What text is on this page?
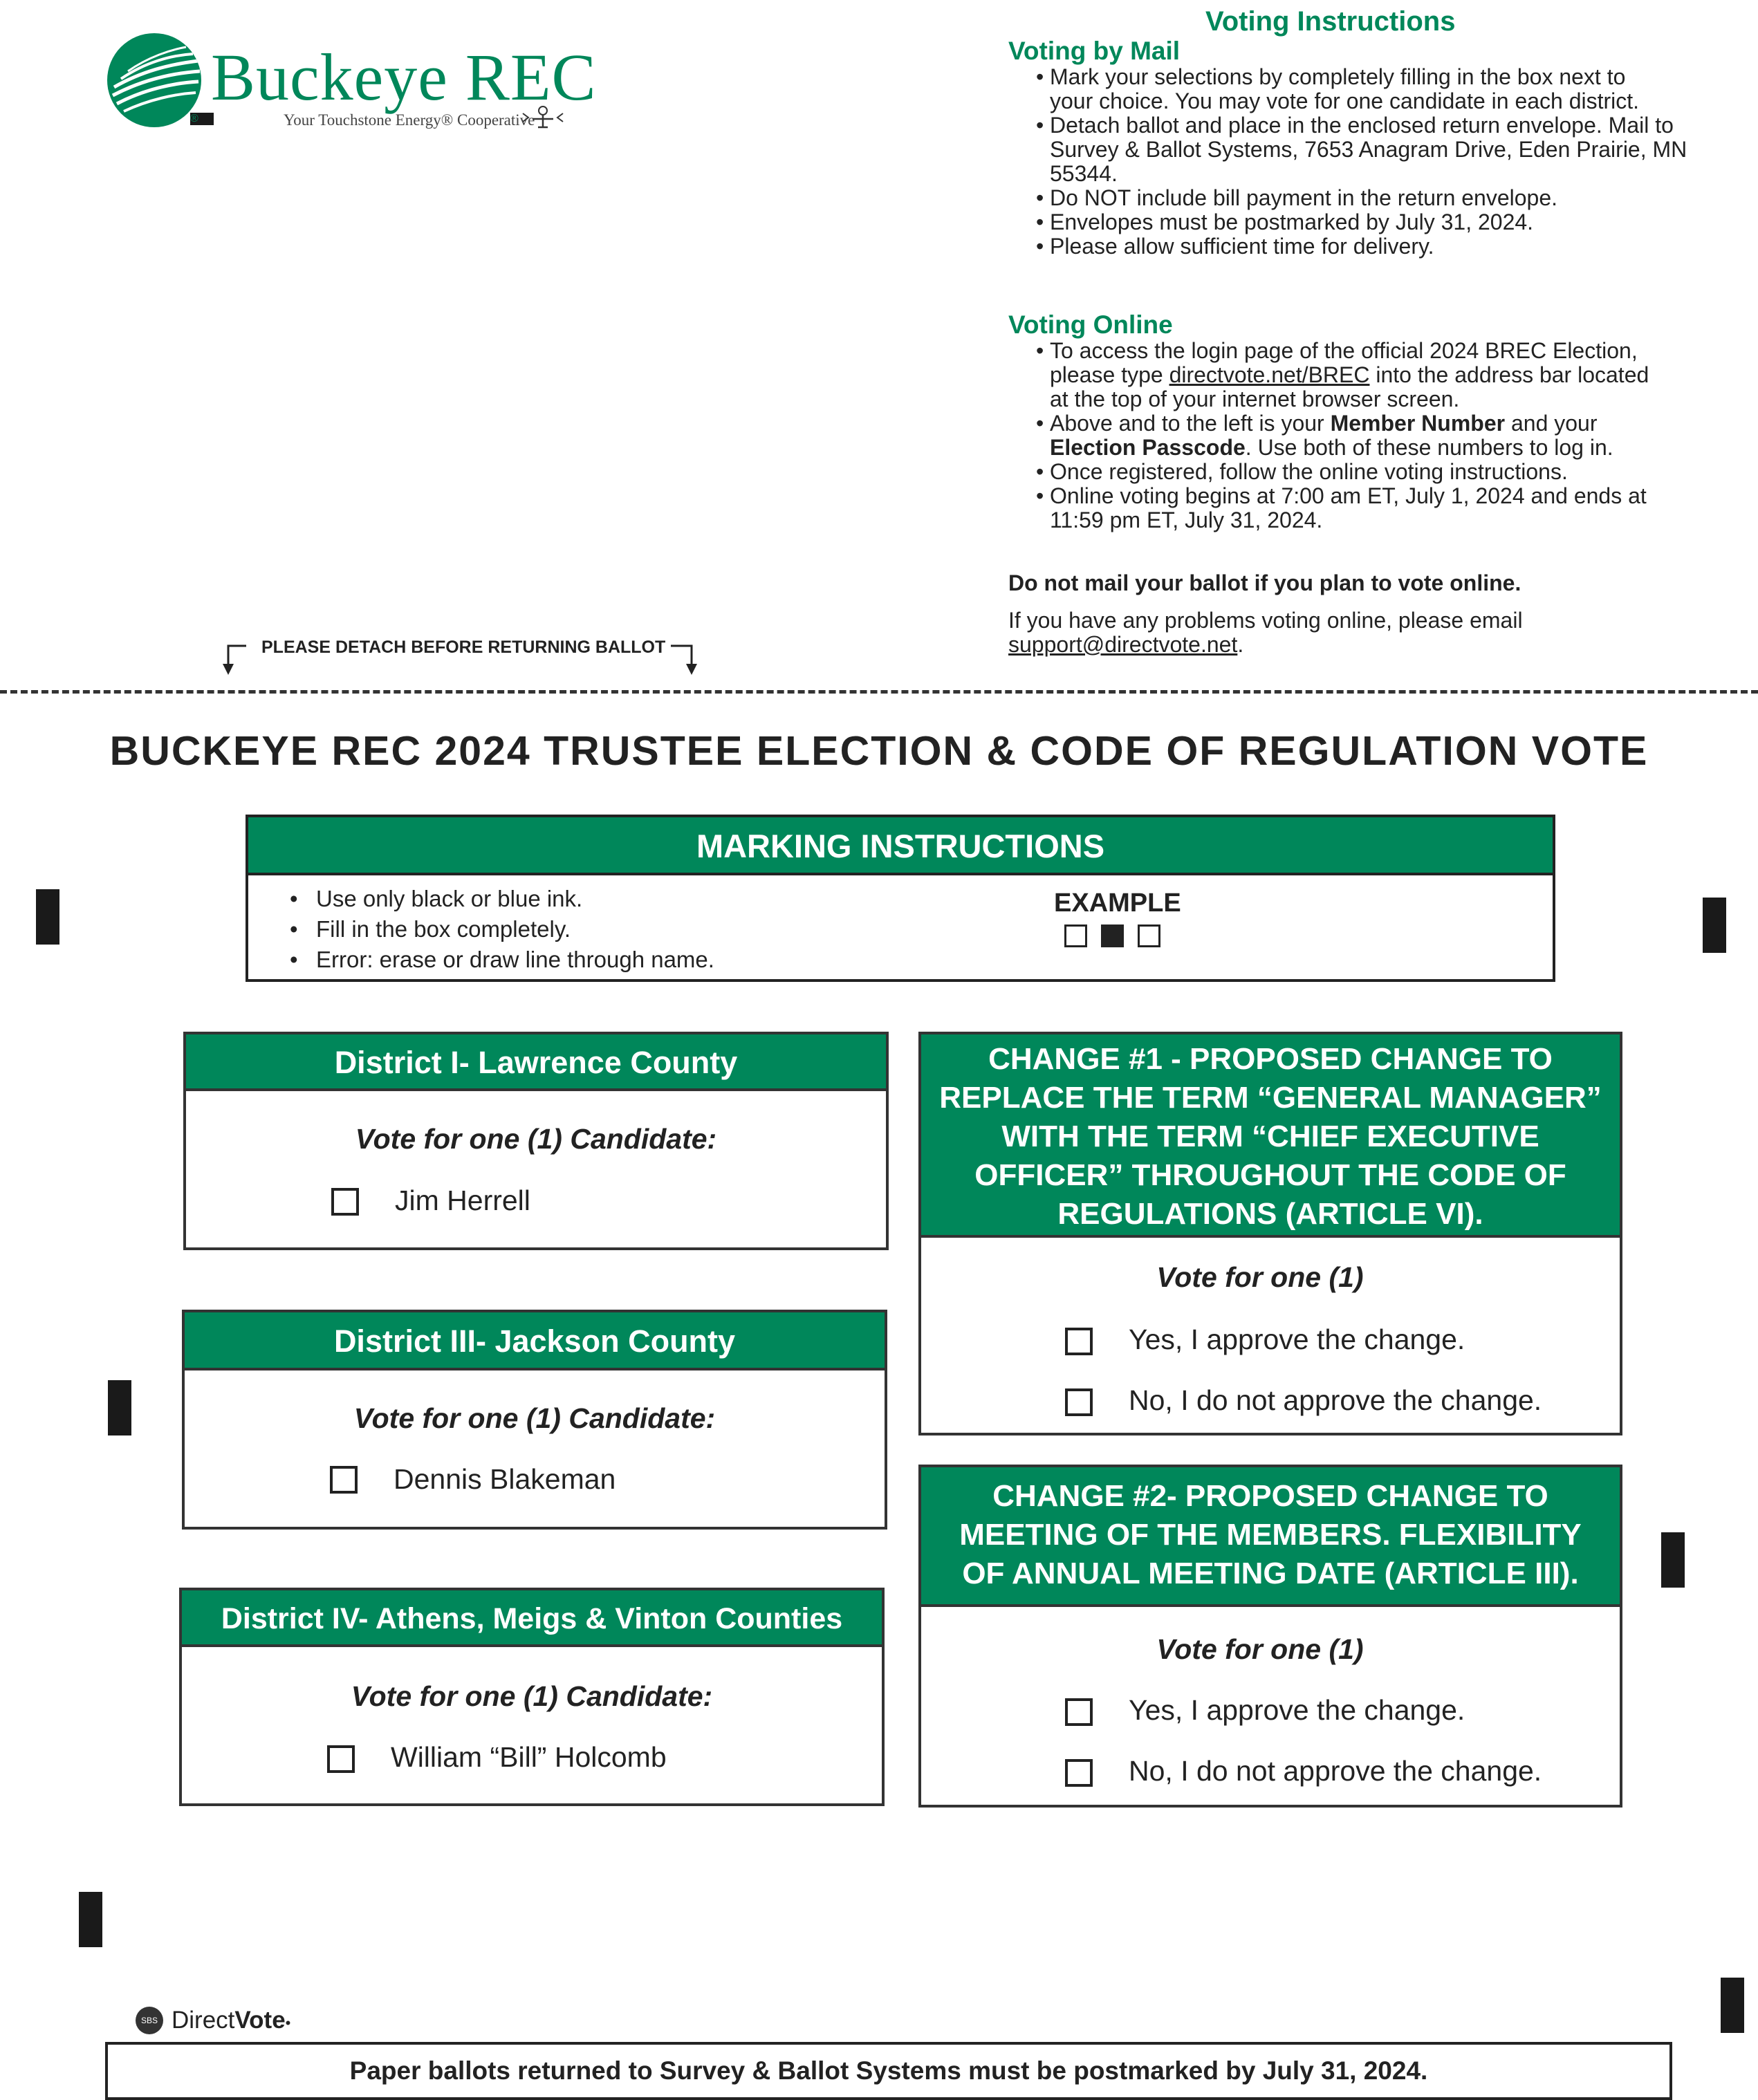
®
Buckeye REC
Your Touchstone Energy® Cooperative
Voting Instructions
Voting by Mail
• Mark your selections by completely filling in the box next to your choice. You may vote for one candidate in each district.
• Detach ballot and place in the enclosed return envelope. Mail to Survey & Ballot Systems, 7653 Anagram Drive, Eden Prairie, MN 55344.
• Do NOT include bill payment in the return envelope.
• Envelopes must be postmarked by July 31, 2024.
• Please allow sufficient time for delivery.
Voting Online
• To access the login page of the official 2024 BREC Election, please type directvote.net/BREC into the address bar located at the top of your internet browser screen.
• Above and to the left is your Member Number and your Election Passcode. Use both of these numbers to log in.
• Once registered, follow the online voting instructions.
• Online voting begins at 7:00 am ET, July 1, 2024 and ends at 11:59 pm ET, July 31, 2024.

Do not mail your ballot if you plan to vote online.

If you have any problems voting online, please email
support@directvote.net.

PLEASE DETACH BEFORE RETURNING BALLOT
BUCKEYE REC 2024 TRUSTEE ELECTION & CODE OF REGULATION VOTE
MARKING INSTRUCTIONS
• Use only black or blue ink.
• Fill in the box completely.
• Error: erase or draw line through name.
EXAMPLE
District I- Lawrence County
Vote for one (1) Candidate:
Jim Herrell
District III- Jackson County
Vote for one (1) Candidate:
Dennis Blakeman
District IV- Athens, Meigs & Vinton Counties
Vote for one (1) Candidate:
William “Bill” Holcomb
CHANGE #1 - PROPOSED CHANGE TO
REPLACE THE TERM “GENERAL MANAGER”
WITH THE TERM “CHIEF EXECUTIVE
OFFICER” THROUGHOUT THE CODE OF
REGULATIONS (ARTICLE VI).
Vote for one (1)
Yes, I approve the change.
No, I do not approve the change.
CHANGE #2- PROPOSED CHANGE TO
MEETING OF THE MEMBERS. FLEXIBILITY
OF ANNUAL MEETING DATE (ARTICLE III).
Vote for one (1)
Yes, I approve the change.
No, I do not approve the change.
SBS DirectVote•
Paper ballots returned to Survey & Ballot Systems must be postmarked by July 31, 2024.
